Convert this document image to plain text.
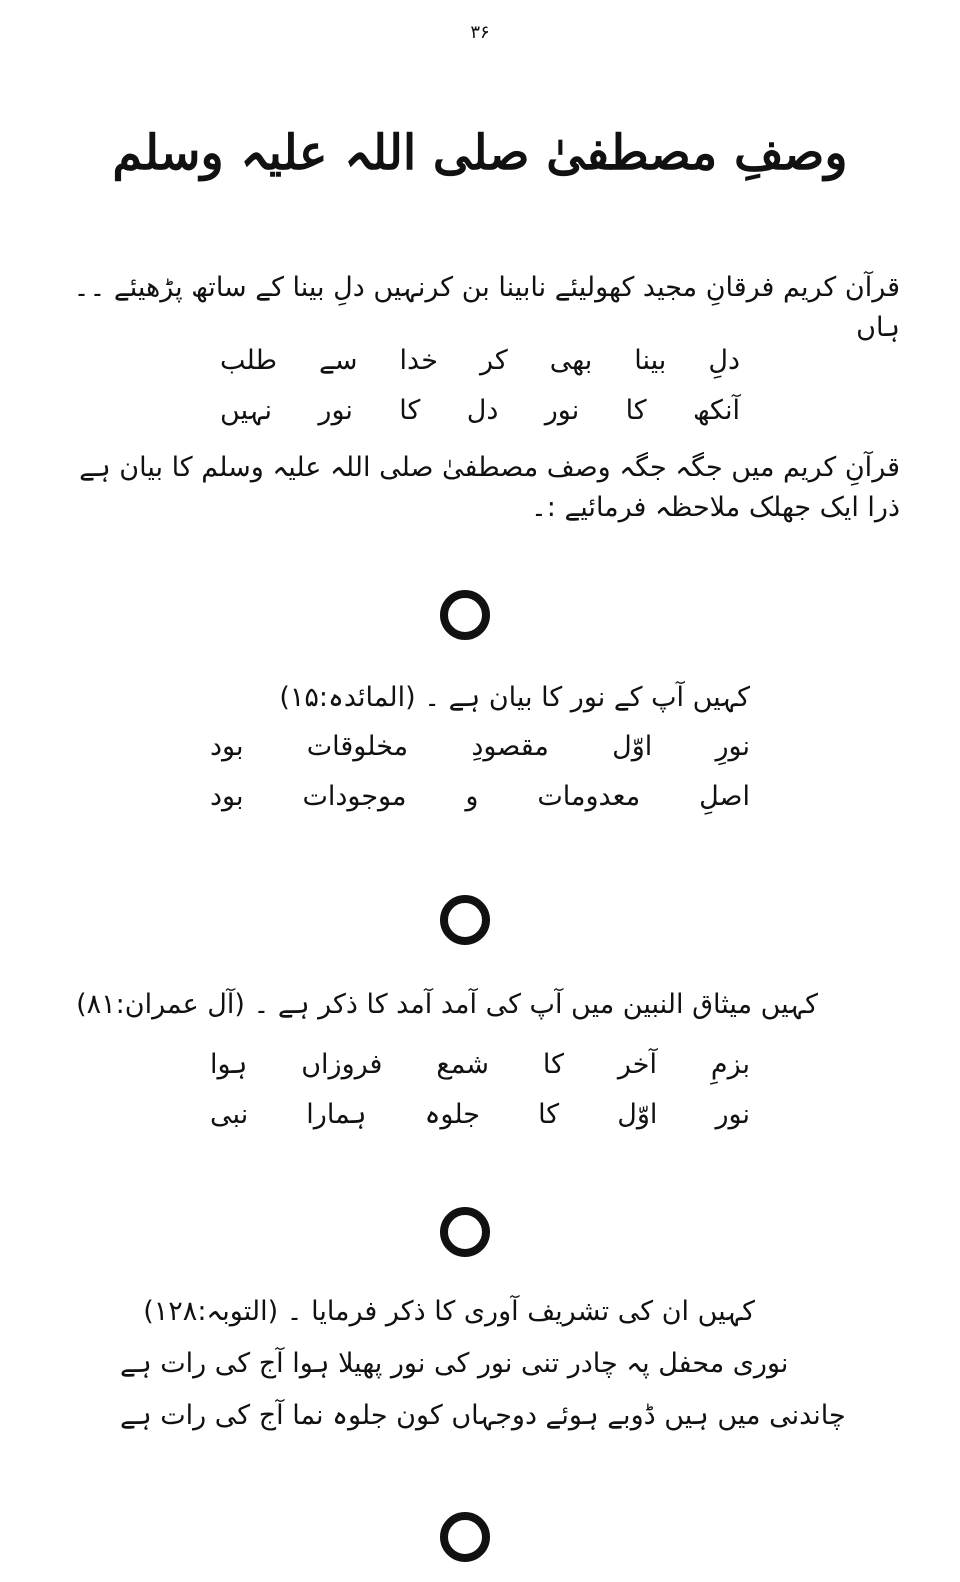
۳۶
وصفِ مصطفیٰ صلی اللہ علیہ وسلم
قرآن کریم فرقانِ مجید کھولیئے نابینا بن کرنہیں دلِ بینا کے ساتھ پڑھیئے ۔۔ ہاں
دلِ
بینا
بھی
کر
خدا
سے
طلب
آنکھ
کا
نور
دل
کا
نور
نہیں
قرآنِ کریم میں جگہ جگہ وصف مصطفیٰ صلی اللہ علیہ وسلم کا بیان ہے ذرا ایک جھلک ملاحظہ فرمائیے :۔
کہیں آپ کے نور کا بیان ہے ۔ (المائدہ:۱۵)
نورِ
اوّل
مقصودِ
مخلوقات
بود
اصلِ
معدومات
و
موجودات
بود
کہیں میثاق النبین میں آپ کی آمد آمد کا ذکر ہے ۔ (آل عمران:۸۱)
بزمِ
آخر
کا
شمع
فروزاں
ہوا
نور
اوّل
کا
جلوہ
ہمارا
نبی
کہیں ان کی تشریف آوری کا ذکر فرمایا ۔ (التوبہ:۱۲۸)
نوری محفل پہ چادر تنی نور کی نور پھیلا ہوا آج کی رات ہے
چاندنی میں ہیں ڈوبے ہوئے دوجہاں کون جلوہ نما آج کی رات ہے
